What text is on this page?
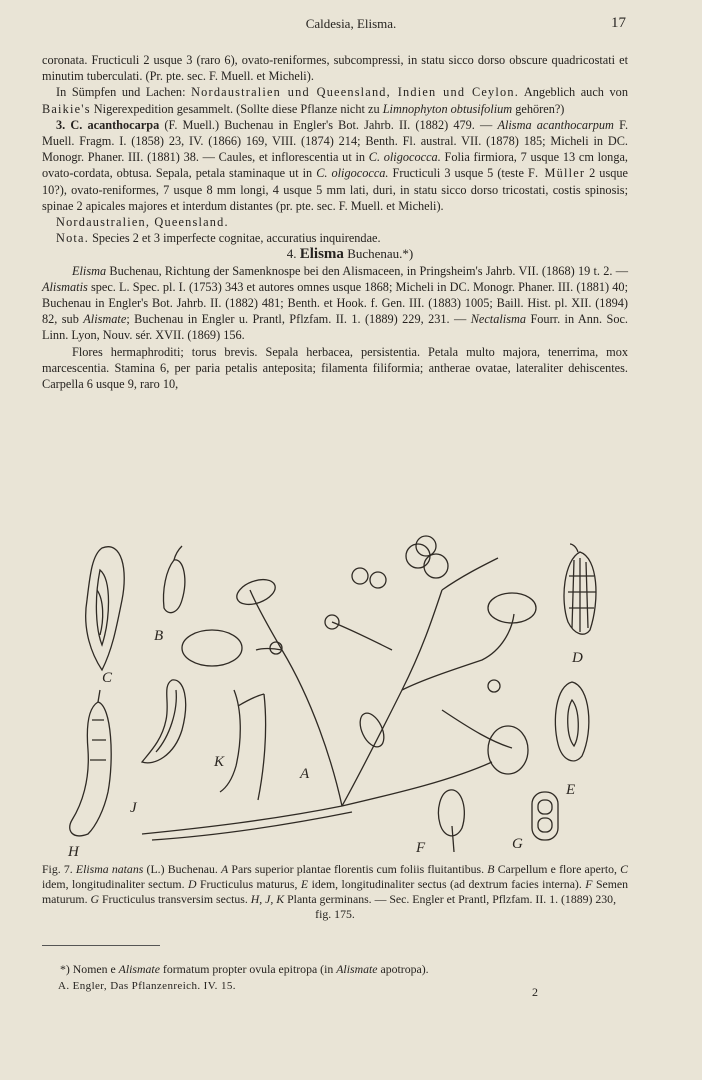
Caldesia, Elisma.	17

coronata. Fructiculi 2 usque 3 (raro 6), ovato-reniformes, subcompressi, in statu sicco dorso obscure quadricostati et minutim tuberculati. (Pr. pte. sec. F. Muell. et Micheli).

In Sümpfen und Lachen: Nordaustralien und Queensland, Indien und Ceylon. Angeblich auch von Baikie's Nigerexpedition gesammelt. (Sollte diese Pflanze nicht zu Limnophyton obtusifolium gehören?)

3. C. acanthocarpa (F. Muell.) Buchenau in Engler's Bot. Jahrb. II. (1882) 479. — Alisma acanthocarpum F. Muell. Fragm. I. (1858) 23, IV. (1866) 169, VIII. (1874) 214; Benth. Fl. austral. VII. (1878) 185; Micheli in DC. Monogr. Phaner. III. (1881) 38. — Caules, et inflorescentia ut in C. oligococca. Folia firmiora, 7 usque 13 cm longa, ovato-cordata, obtusa. Sepala, petala staminaque ut in C. oligococca. Fructiculi 3 usque 5 (teste F. Müller 2 usque 10?), ovato-reniformes, 7 usque 8 mm longi, 4 usque 5 mm lati, duri, in statu sicco dorso tricostati, costis spinosis; spinae 2 apicales majores et interdum distantes (pr. pte. sec. F. Muell. et Micheli).

Nordaustralien, Queensland.

Nota. Species 2 et 3 imperfecte cognitae, accuratius inquirendae.

4. Elisma Buchenau.*)

Elisma Buchenau, Richtung der Samenknospe bei den Alismaceen, in Pringsheim's Jahrb. VII. (1868) 19 t. 2. — Alismatis spec. L. Spec. pl. I. (1753) 343 et autores omnes usque 1868; Micheli in DC. Monogr. Phaner. III. (1881) 40; Buchenau in Engler's Bot. Jahrb. II. (1882) 481; Benth. et Hook. f. Gen. III. (1883) 1005; Baill. Hist. pl. XII. (1894) 82, sub Alismate; Buchenau in Engler u. Prantl, Pflzfam. II. 1. (1889) 229, 231. — Nectalisma Fourr. in Ann. Soc. Linn. Lyon, Nouv. sér. XVII. (1869) 156.

Flores hermaphroditi; torus brevis. Sepala herbacea, persistentia. Petala multo majora, tenerrima, mox marcescentia. Stamina 6, per paria petalis anteposita; filamenta filiformia; antherae ovatae, lateraliter dehiscentes. Carpella 6 usque 9, raro 10,

B
C
D
E
A
K
J
H	F	G
Fig. 7. Elisma natans (L.) Buchenau. A Pars superior plantae florentis cum foliis fluitantibus. B Carpellum e flore aperto, C idem, longitudinaliter sectum. D Fructiculus maturus, E idem, longitudinaliter sectus (ad dextrum facies interna). F Semen maturum. G Fructiculus transversim sectus. H, J, K Planta germinans. — Sec. Engler et Prantl, Pflzfam. II. 1. (1889) 230,
fig. 175.
*) Nomen e Alismate formatum propter ovula epitropa (in Alismate apotropa).
A. Engler, Das Pflanzenreich. IV. 15.	2
